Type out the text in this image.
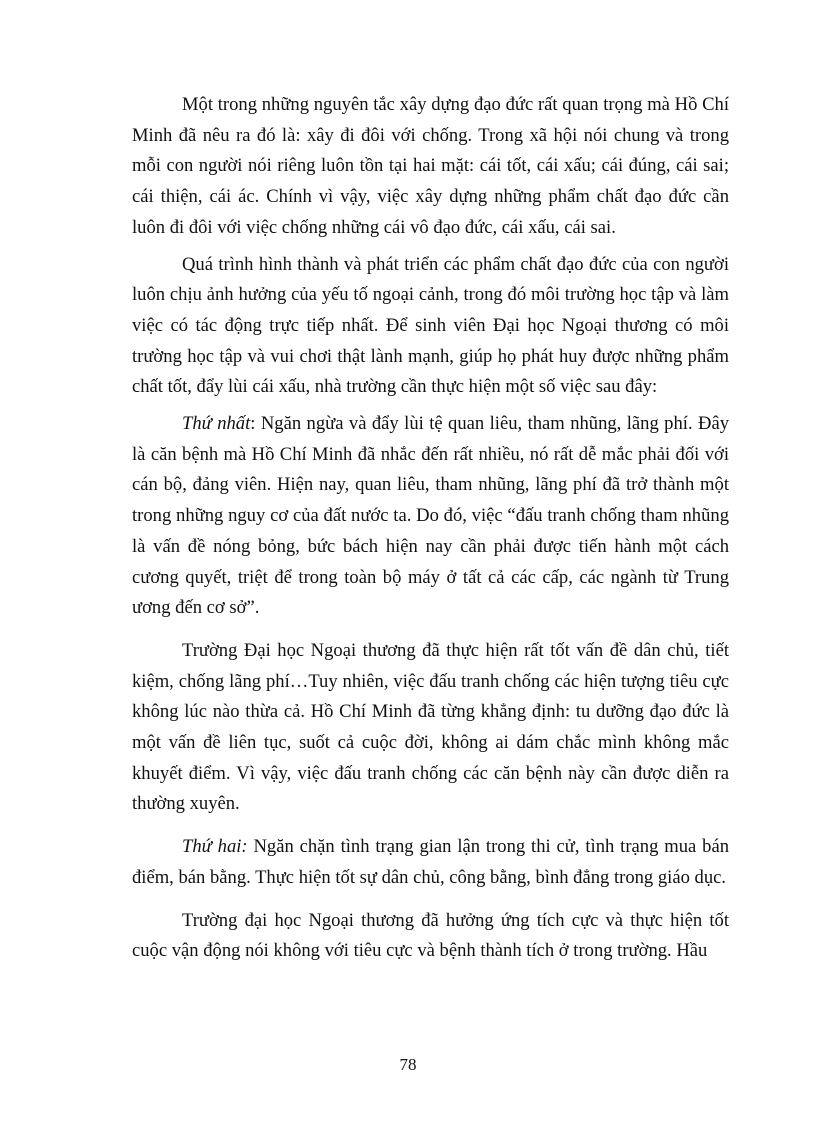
Một trong những nguyên tắc xây dựng đạo đức rất quan trọng mà Hồ Chí Minh đã nêu ra đó là: xây đi đôi với chống. Trong xã hội nói chung và trong mỗi con người nói riêng luôn tồn tại hai mặt: cái tốt, cái xấu; cái đúng, cái sai; cái thiện, cái ác. Chính vì vậy, việc xây dựng những phẩm chất đạo đức cần luôn đi đôi với việc chống những cái vô đạo đức, cái xấu, cái sai.

Quá trình hình thành và phát triển các phẩm chất đạo đức của con người luôn chịu ảnh hưởng của yếu tố ngoại cảnh, trong đó môi trường học tập và làm việc có tác động trực tiếp nhất. Để sinh viên Đại học Ngoại thương có môi trường học tập và vui chơi thật lành mạnh, giúp họ phát huy được những phẩm chất tốt, đẩy lùi cái xấu, nhà trường cần thực hiện một số việc sau đây:

Thứ nhất: Ngăn ngừa và đẩy lùi tệ quan liêu, tham nhũng, lãng phí. Đây là căn bệnh mà Hồ Chí Minh đã nhắc đến rất nhiều, nó rất dễ mắc phải đối với cán bộ, đảng viên. Hiện nay, quan liêu, tham nhũng, lãng phí đã trở thành một trong những nguy cơ của đất nước ta. Do đó, việc “đấu tranh chống tham nhũng là vấn đề nóng bỏng, bức bách hiện nay cần phải được tiến hành một cách cương quyết, triệt để trong toàn bộ máy ở tất cả các cấp, các ngành từ Trung ương đến cơ sở”.

Trường Đại học Ngoại thương đã thực hiện rất tốt vấn đề dân chủ, tiết kiệm, chống lãng phí…Tuy nhiên, việc đấu tranh chống các hiện tượng tiêu cực không lúc nào thừa cả. Hồ Chí Minh đã từng khẳng định: tu dưỡng đạo đức là một vấn đề liên tục, suốt cả cuộc đời, không ai dám chắc mình không mắc khuyết điểm. Vì vậy, việc đấu tranh chống các căn bệnh này cần được diễn ra thường xuyên.

Thứ hai: Ngăn chặn tình trạng gian lận trong thi cử, tình trạng mua bán điểm, bán bằng. Thực hiện tốt sự dân chủ, công bằng, bình đẳng trong giáo dục.

Trường đại học Ngoại thương đã hưởng ứng tích cực và thực hiện tốt cuộc vận động nói không với tiêu cực và bệnh thành tích ở trong trường. Hầu

78
